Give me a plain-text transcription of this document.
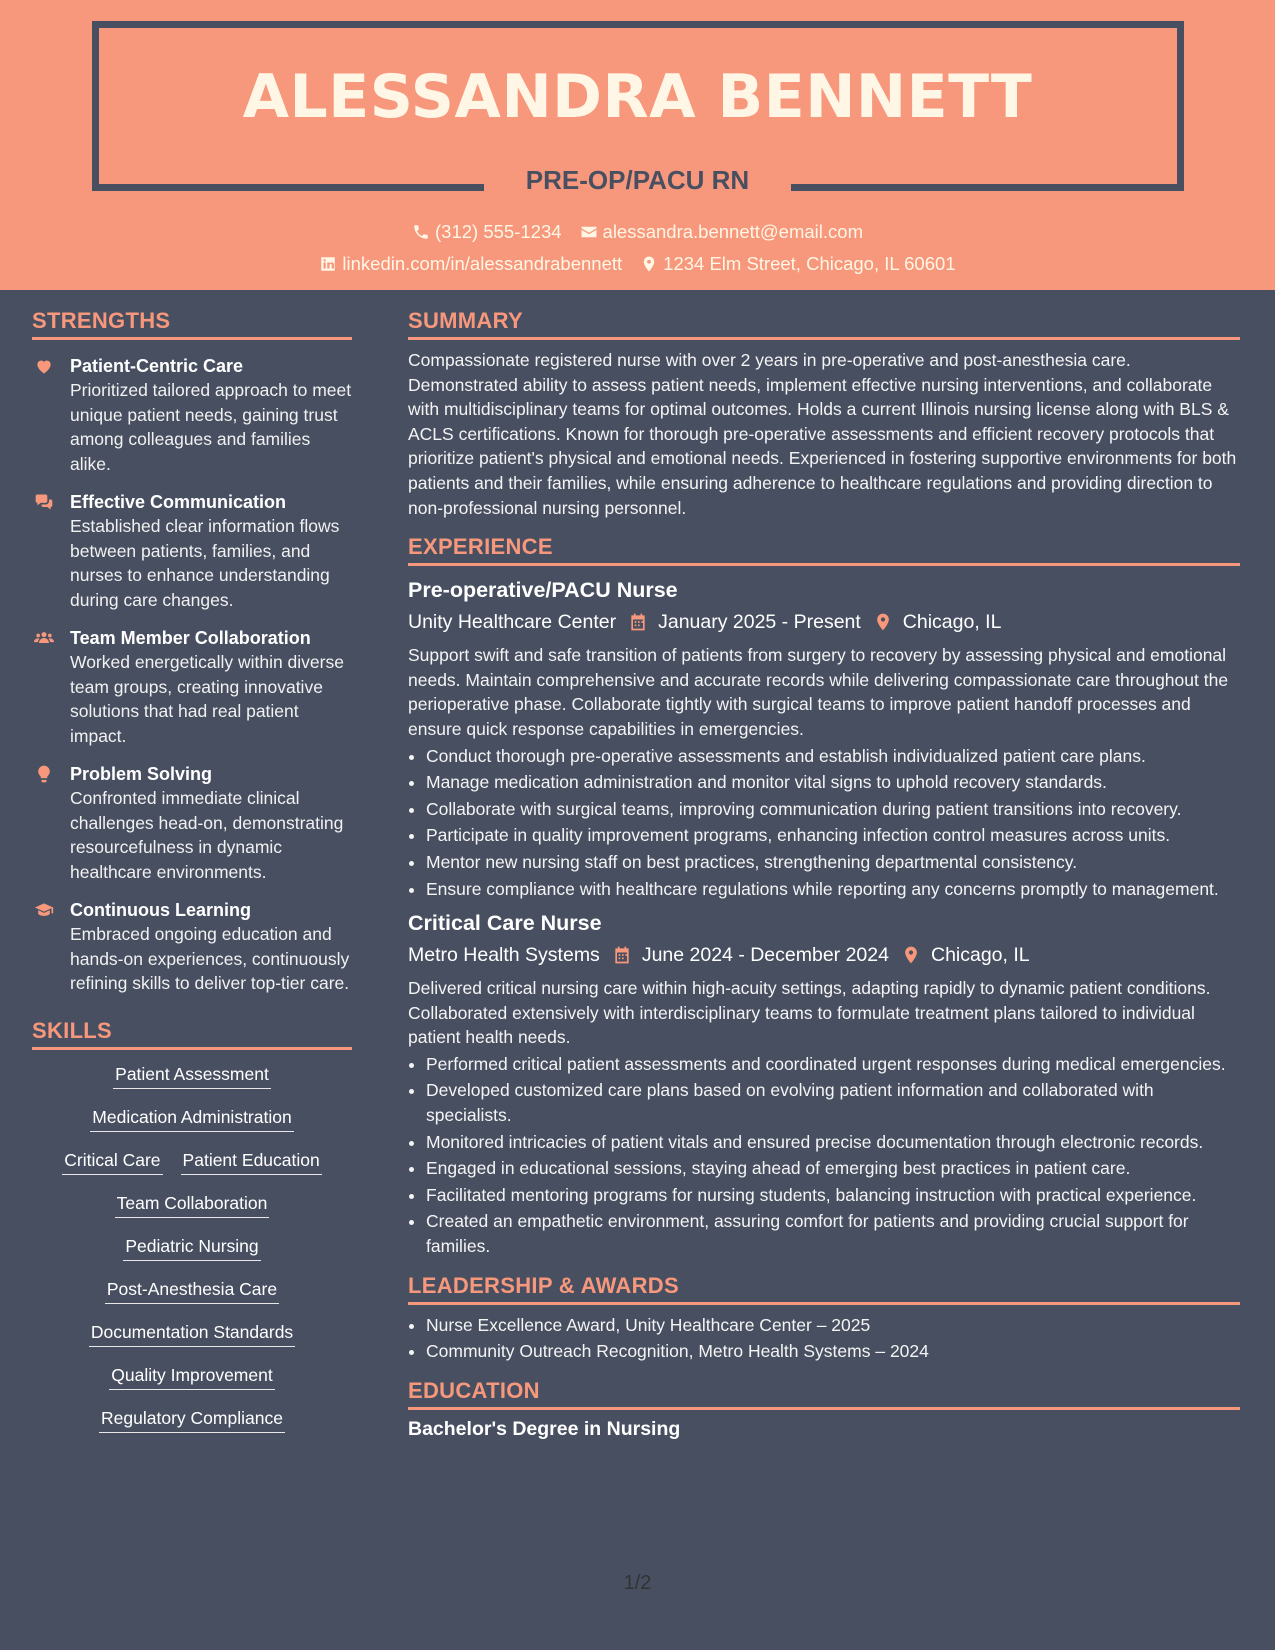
ALESSANDRA BENNETT
PRE-OP/PACU RN
(312) 555-1234 alessandra.bennett@email.com
linkedin.com/in/alessandrabennett 1234 Elm Street, Chicago, IL 60601
STRENGTHS
Patient-Centric Care
Prioritized tailored approach to meet unique patient needs, gaining trust among colleagues and families alike.
Effective Communication
Established clear information flows between patients, families, and nurses to enhance understanding during care changes.
Team Member Collaboration
Worked energetically within diverse team groups, creating innovative solutions that had real patient impact.
Problem Solving
Confronted immediate clinical challenges head-on, demonstrating resourcefulness in dynamic healthcare environments.
Continuous Learning
Embraced ongoing education and hands-on experiences, continuously refining skills to deliver top-tier care.
SKILLS
Patient Assessment
Medication Administration
Critical Care Patient Education
Team Collaboration
Pediatric Nursing
Post-Anesthesia Care
Documentation Standards
Quality Improvement
Regulatory Compliance
SUMMARY
Compassionate registered nurse with over 2 years in pre-operative and post-anesthesia care. Demonstrated ability to assess patient needs, implement effective nursing interventions, and collaborate with multidisciplinary teams for optimal outcomes. Holds a current Illinois nursing license along with BLS & ACLS certifications. Known for thorough pre-operative assessments and efficient recovery protocols that prioritize patient's physical and emotional needs. Experienced in fostering supportive environments for both patients and their families, while ensuring adherence to healthcare regulations and providing direction to non-professional nursing personnel.
EXPERIENCE
Pre-operative/PACU Nurse
Unity Healthcare Center January 2025 - Present Chicago, IL
Support swift and safe transition of patients from surgery to recovery by assessing physical and emotional needs. Maintain comprehensive and accurate records while delivering compassionate care throughout the perioperative phase. Collaborate tightly with surgical teams to improve patient handoff processes and ensure quick response capabilities in emergencies.
• Conduct thorough pre-operative assessments and establish individualized patient care plans.
• Manage medication administration and monitor vital signs to uphold recovery standards.
• Collaborate with surgical teams, improving communication during patient transitions into recovery.
• Participate in quality improvement programs, enhancing infection control measures across units.
• Mentor new nursing staff on best practices, strengthening departmental consistency.
• Ensure compliance with healthcare regulations while reporting any concerns promptly to management.
Critical Care Nurse
Metro Health Systems June 2024 - December 2024 Chicago, IL
Delivered critical nursing care within high-acuity settings, adapting rapidly to dynamic patient conditions. Collaborated extensively with interdisciplinary teams to formulate treatment plans tailored to individual patient health needs.
• Performed critical patient assessments and coordinated urgent responses during medical emergencies.
• Developed customized care plans based on evolving patient information and collaborated with specialists.
• Monitored intricacies of patient vitals and ensured precise documentation through electronic records.
• Engaged in educational sessions, staying ahead of emerging best practices in patient care.
• Facilitated mentoring programs for nursing students, balancing instruction with practical experience.
• Created an empathetic environment, assuring comfort for patients and providing crucial support for families.
LEADERSHIP & AWARDS
• Nurse Excellence Award, Unity Healthcare Center – 2025
• Community Outreach Recognition, Metro Health Systems – 2024
EDUCATION
Bachelor's Degree in Nursing
1/2
